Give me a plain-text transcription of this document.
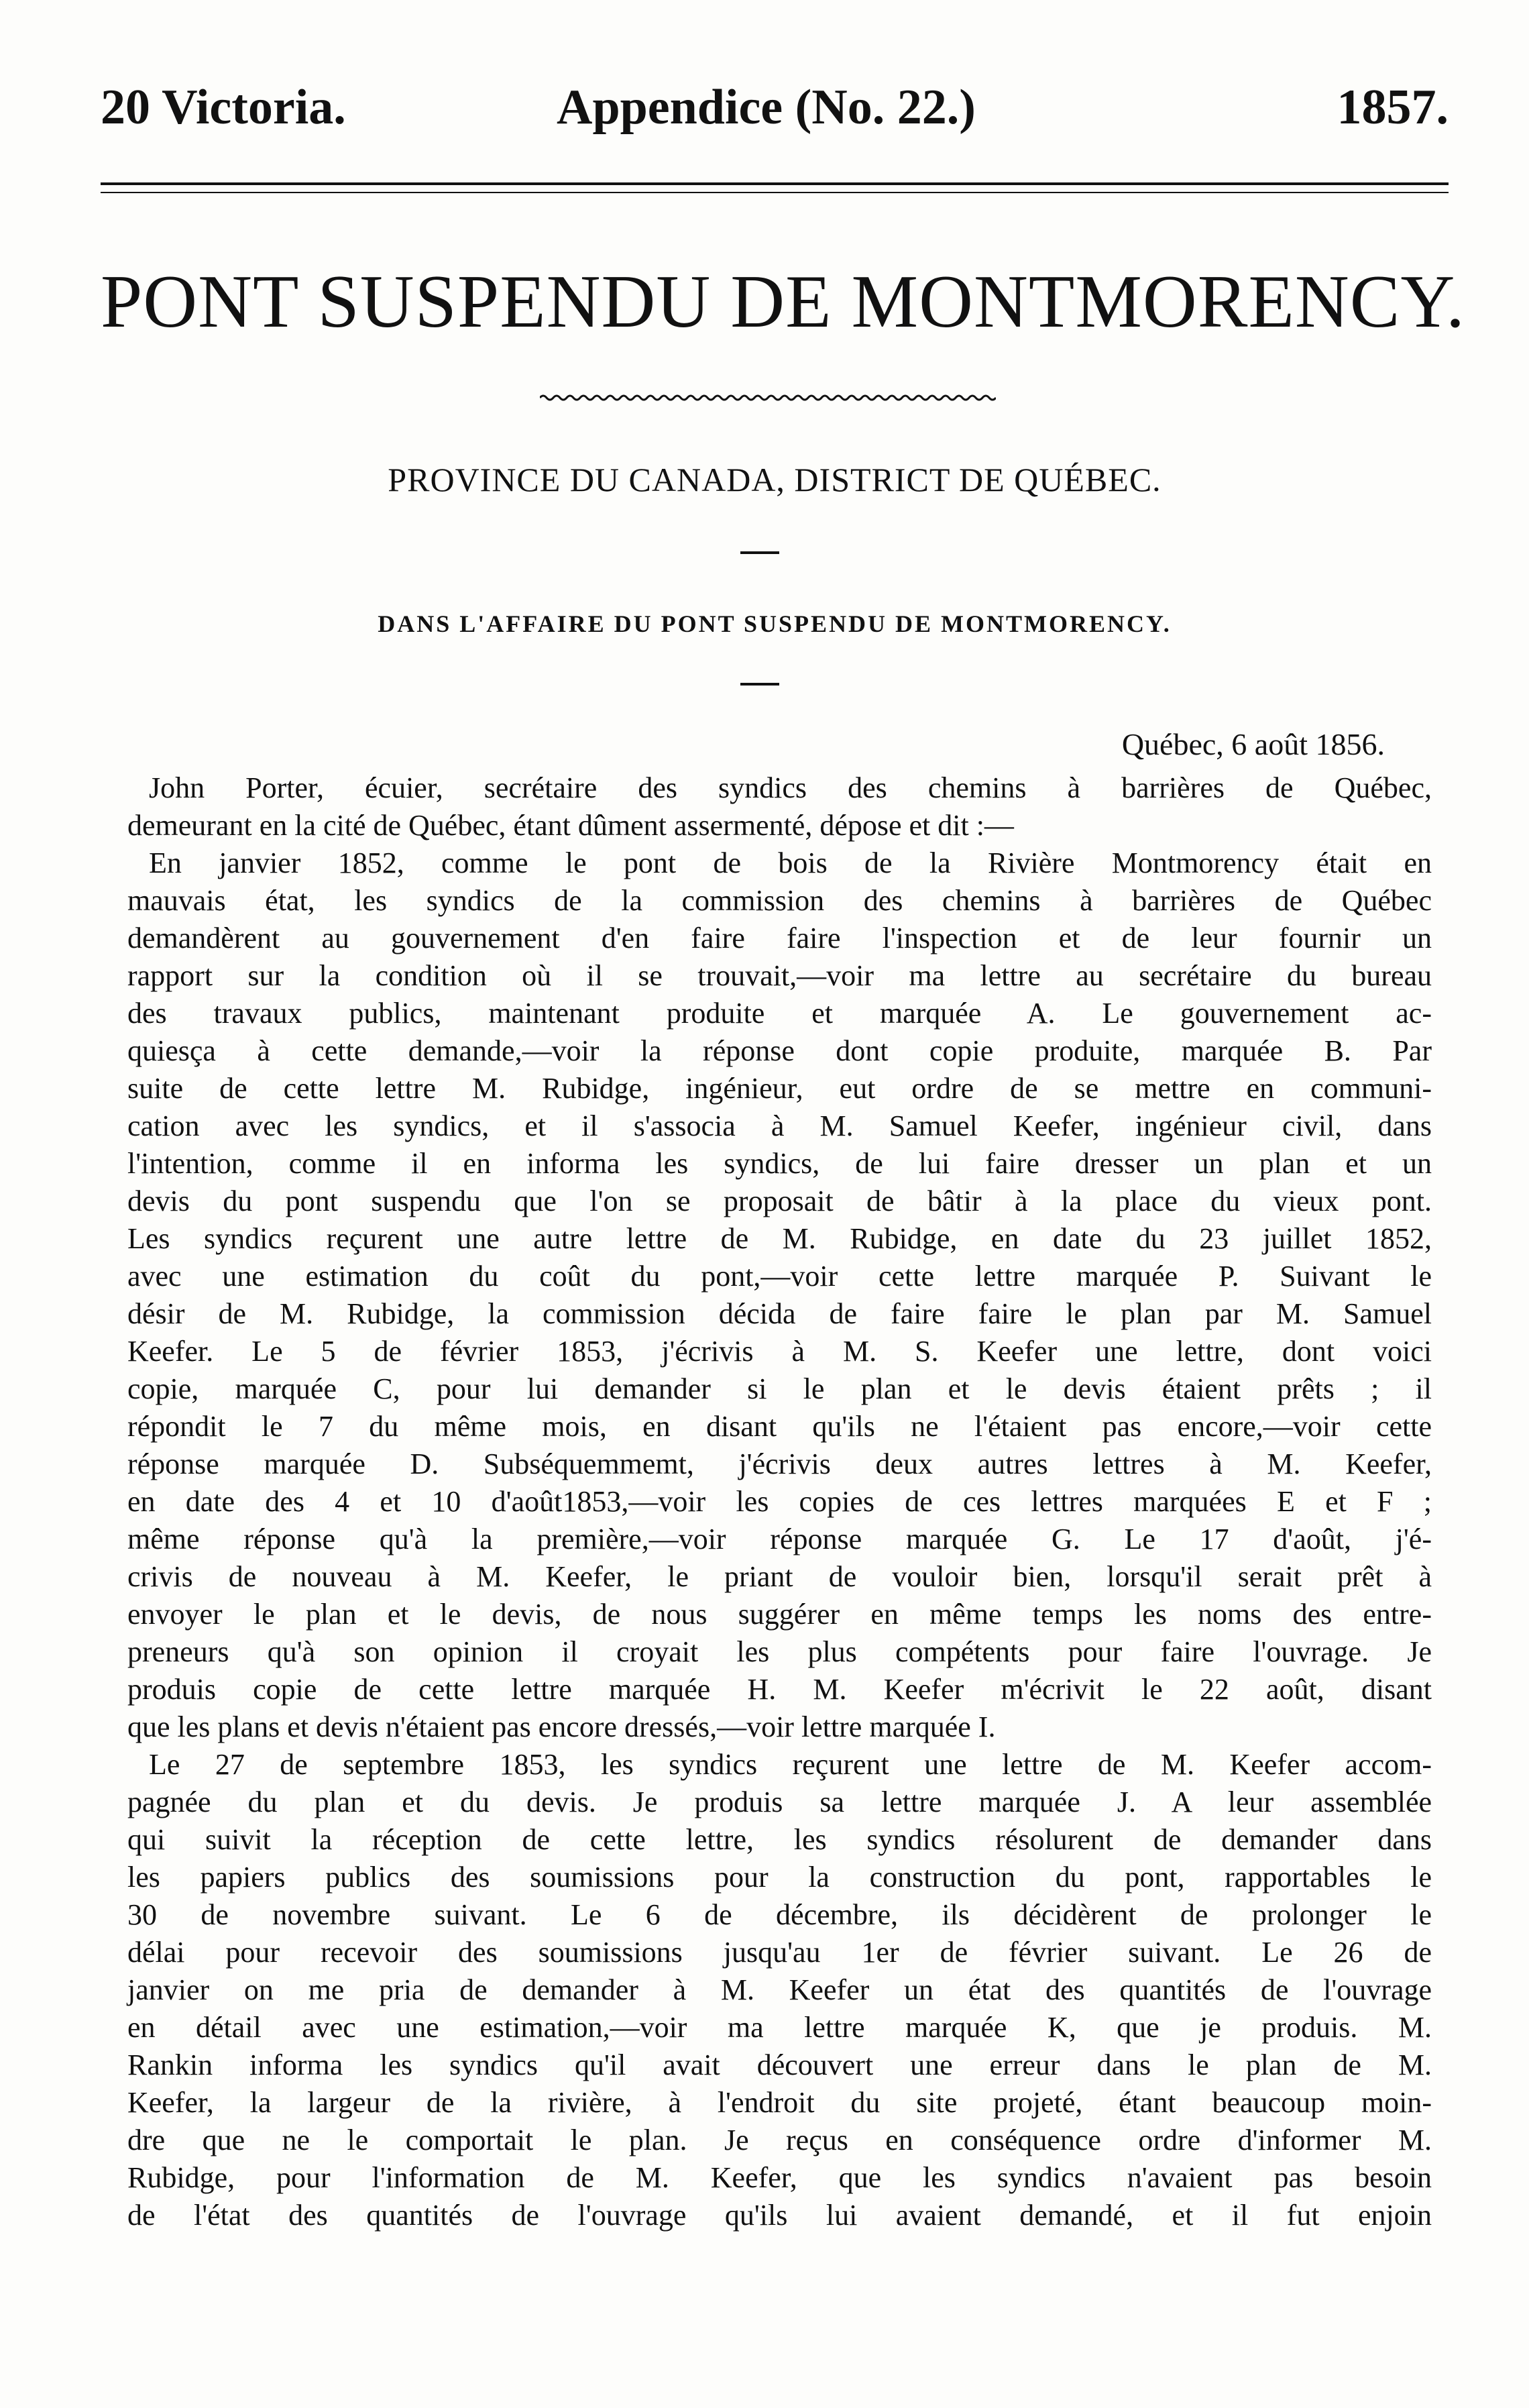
20 Victoria.	Appendice (No. 22.)	1857.
PONT SUSPENDU DE MONTMORENCY.
PROVINCE DU CANADA, DISTRICT DE QUÉBEC.
DANS L'AFFAIRE DU PONT SUSPENDU DE MONTMORENCY.
Québec, 6 août 1856.
John Porter, écuier, secrétaire des syndics des chemins à barrières de Québec,
demeurant en la cité de Québec, étant dûment assermenté, dépose et dit :—
En janvier 1852, comme le pont de bois de la Rivière Montmorency était en
mauvais état, les syndics de la commission des chemins à barrières de Québec
demandèrent au gouvernement d'en faire faire l'inspection et de leur fournir un
rapport sur la condition où il se trouvait,—voir ma lettre au secrétaire du bureau
des travaux publics, maintenant produite et marquée A. Le gouvernement ac-
quiesça à cette demande,—voir la réponse dont copie produite, marquée B. Par
suite de cette lettre M. Rubidge, ingénieur, eut ordre de se mettre en communi-
cation avec les syndics, et il s'associa à M. Samuel Keefer, ingénieur civil, dans
l'intention, comme il en informa les syndics, de lui faire dresser un plan et un
devis du pont suspendu que l'on se proposait de bâtir à la place du vieux pont.
Les syndics reçurent une autre lettre de M. Rubidge, en date du 23 juillet 1852,
avec une estimation du coût du pont,—voir cette lettre marquée P. Suivant le
désir de M. Rubidge, la commission décida de faire faire le plan par M. Samuel
Keefer. Le 5 de février 1853, j'écrivis à M. S. Keefer une lettre, dont voici
copie, marquée C, pour lui demander si le plan et le devis étaient prêts ; il
répondit le 7 du même mois, en disant qu'ils ne l'étaient pas encore,—voir cette
réponse marquée D. Subséquemmemt, j'écrivis deux autres lettres à M. Keefer,
en date des 4 et 10 d'août1853,—voir les copies de ces lettres marquées E et F ;
même réponse qu'à la première,—voir réponse marquée G. Le 17 d'août, j'é-
crivis de nouveau à M. Keefer, le priant de vouloir bien, lorsqu'il serait prêt à
envoyer le plan et le devis, de nous suggérer en même temps les noms des entre-
preneurs qu'à son opinion il croyait les plus compétents pour faire l'ouvrage. Je
produis copie de cette lettre marquée H. M. Keefer m'écrivit le 22 août, disant
que les plans et devis n'étaient pas encore dressés,—voir lettre marquée I.
Le 27 de septembre 1853, les syndics reçurent une lettre de M. Keefer accom-
pagnée du plan et du devis. Je produis sa lettre marquée J. A leur assemblée
qui suivit la réception de cette lettre, les syndics résolurent de demander dans
les papiers publics des soumissions pour la construction du pont, rapportables le
30 de novembre suivant. Le 6 de décembre, ils décidèrent de prolonger le
délai pour recevoir des soumissions jusqu'au 1er de février suivant. Le 26 de
janvier on me pria de demander à M. Keefer un état des quantités de l'ouvrage
en détail avec une estimation,—voir ma lettre marquée K, que je produis. M.
Rankin informa les syndics qu'il avait découvert une erreur dans le plan de M.
Keefer, la largeur de la rivière, à l'endroit du site projeté, étant beaucoup moin-
dre que ne le comportait le plan. Je reçus en conséquence ordre d'informer M.
Rubidge, pour l'information de M. Keefer, que les syndics n'avaient pas besoin
de l'état des quantités de l'ouvrage qu'ils lui avaient demandé, et il fut enjoin
